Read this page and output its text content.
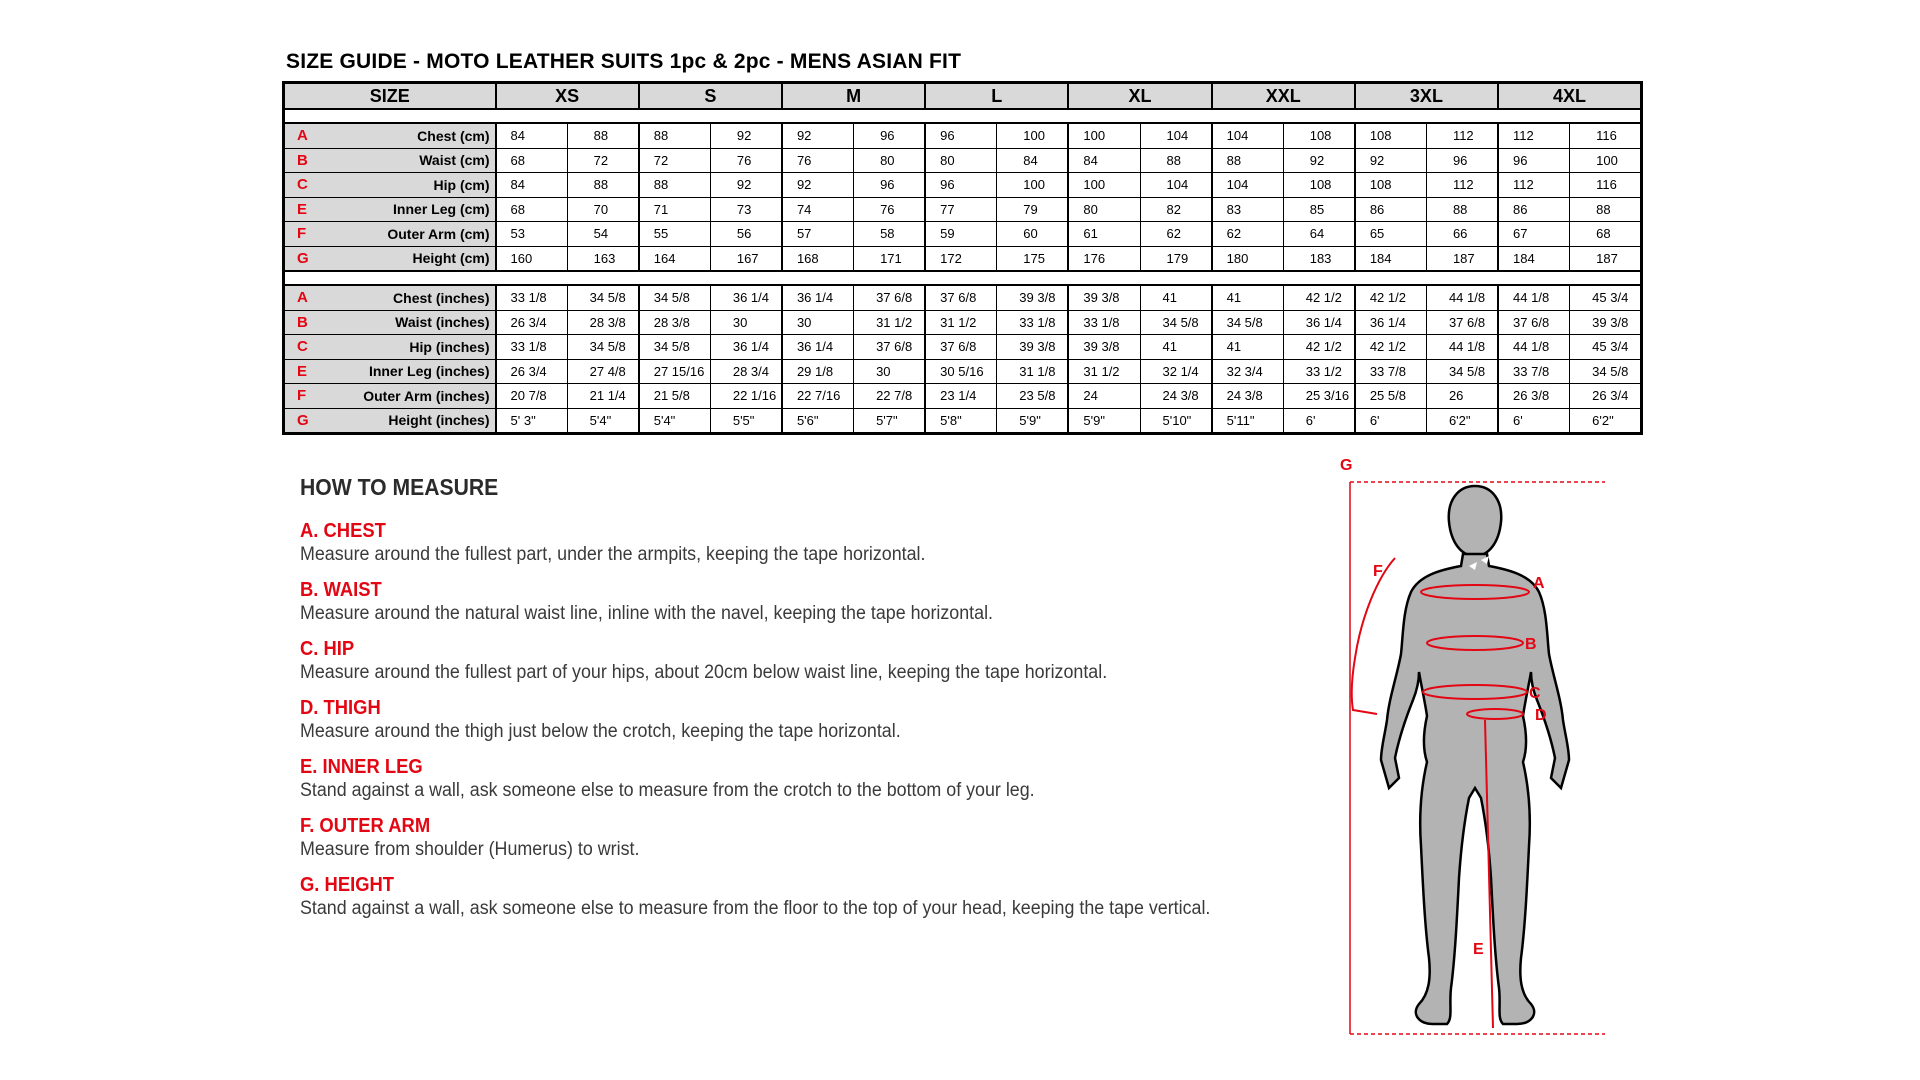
SIZE GUIDE - MOTO LEATHER SUITS 1pc & 2pc - MENS ASIAN FIT
SIZE		XS		S		M		L		XL		XXL		3XL		4XL	

A	Chest (cm)	84	88	88	92	92	96	96	100	100	104	104	108	108	112	112	116
B	Waist (cm)	68	72	72	76	76	80	80	84	84	88	88	92	92	96	96	100
C	Hip (cm)	84	88	88	92	92	96	96	100	100	104	104	108	108	112	112	116
E	Inner Leg (cm)	68	70	71	73	74	76	77	79	80	82	83	85	86	88	86	88
F	Outer Arm (cm)	53	54	55	56	57	58	59	60	61	62	62	64	65	66	67	68
G	Height (cm)	160	163	164	167	168	171	172	175	176	179	180	183	184	187	184	187

A	Chest (inches)	33 1/8	34 5/8	34 5/8	36 1/4	36 1/4	37 6/8	37 6/8	39 3/8	39 3/8	41	41	42 1/2	42 1/2	44 1/8	44 1/8	45 3/4
B	Waist (inches)	26 3/4	28 3/8	28 3/8	30	30	31 1/2	31 1/2	33 1/8	33 1/8	34 5/8	34 5/8	36 1/4	36 1/4	37 6/8	37 6/8	39 3/8
C	Hip (inches)	33 1/8	34 5/8	34 5/8	36 1/4	36 1/4	37 6/8	37 6/8	39 3/8	39 3/8	41	41	42 1/2	42 1/2	44 1/8	44 1/8	45 3/4
E	Inner Leg (inches)	26 3/4	27 4/8	27 15/16	28 3/4	29 1/8	30	30 5/16	31 1/8	31 1/2	32 1/4	32 3/4	33 1/2	33 7/8	34 5/8	33 7/8	34 5/8
F	Outer Arm (inches)	20 7/8	21 1/4	21 5/8	22 1/16	22 7/16	22 7/8	23 1/4	23 5/8	24	24 3/8	24 3/8	25 3/16	25 5/8	26	26 3/8	26 3/4
G	Height (inches)	5' 3"	5'4"	5'4"	5'5"	5'6"	5'7"	5'8"	5'9"	5'9"	5'10"	5'11"	6'	6'	6'2"	6'	6'2"
HOW TO MEASURE
A. CHEST
Measure around the fullest part, under the armpits, keeping the tape horizontal.
B. WAIST
Measure around the natural waist line, inline with the navel, keeping the tape horizontal.
C. HIP
Measure around the fullest part of your hips, about 20cm below waist line, keeping the tape horizontal.
D. THIGH
Measure around the thigh just below the crotch, keeping the tape horizontal.
E. INNER LEG
Stand against a wall, ask someone else to measure from the crotch to the bottom of your leg.
F. OUTER ARM
Measure from shoulder (Humerus) to wrist.
G. HEIGHT
Stand against a wall, ask someone else to measure from the floor to the top of your head, keeping the tape vertical.
G
F
A
B
C
D
E
